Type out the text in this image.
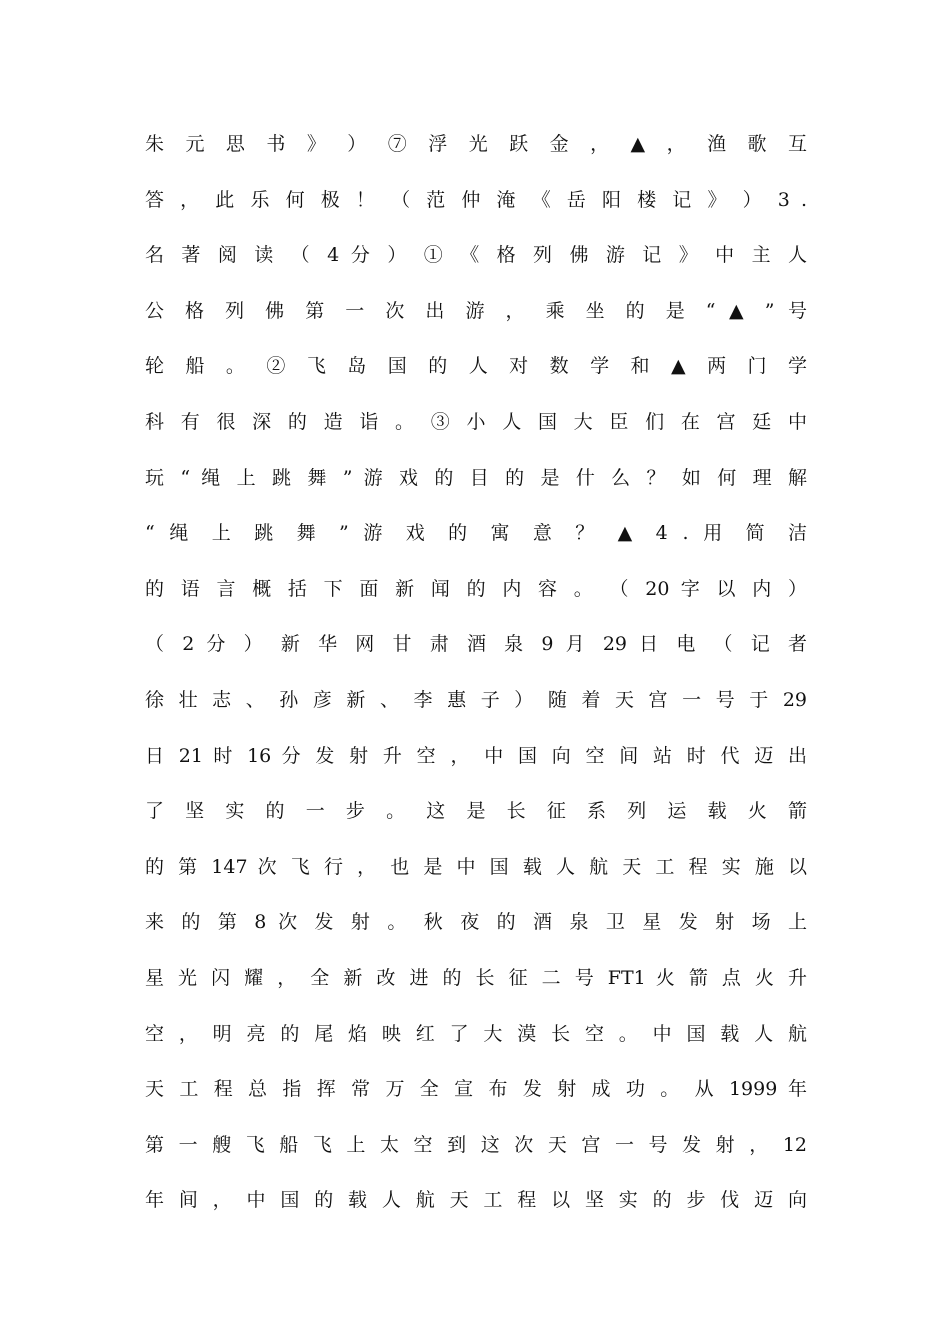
朱 元 思 书 》 ） ⑦ 浮 光 跃 金 ， ▲ ， 渔 歌 互
答 ， 此 乐 何 极 ！ （ 范 仲 淹 《 岳 阳 楼 记 》 ） 3 .
名 著 阅 读 （ 4 分 ） ① 《 格 列 佛 游 记 》 中 主 人
公 格 列 佛 第 一 次 出 游 ， 乘 坐 的 是 “ ▲ ” 号
轮 船 。 ② 飞 岛 国 的 人 对 数 学 和 ▲ 两 门 学
科 有 很 深 的 造 诣 。 ③ 小 人 国 大 臣 们 在 宫 廷 中
玩 “ 绳 上 跳 舞 ” 游 戏 的 目 的 是 什 么 ？ 如 何 理 解
“ 绳 上 跳 舞 ” 游 戏 的 寓 意 ？ ▲ 4 . 用 简 洁
的 语 言 概 括 下 面 新 闻 的 内 容 。 （ 20 字 以 内 ）
（ 2 分 ） 新 华 网 甘 肃 酒 泉 9 月 29 日 电 （ 记 者
徐 壮 志 、 孙 彦 新 、 李 惠 子 ） 随 着 天 宫 一 号 于 29
日 21 时 16 分 发 射 升 空 ， 中 国 向 空 间 站 时 代 迈 出
了 坚 实 的 一 步 。 这 是 长 征 系 列 运 载 火 箭
的 第 147 次 飞 行 ， 也 是 中 国 载 人 航 天 工 程 实 施 以
来 的 第 8 次 发 射 。 秋 夜 的 酒 泉 卫 星 发 射 场 上
星 光 闪 耀 ， 全 新 改 进 的 长 征 二 号 FT1 火 箭 点 火 升
空 ， 明 亮 的 尾 焰 映 红 了 大 漠 长 空 。 中 国 载 人 航
天 工 程 总 指 挥 常 万 全 宣 布 发 射 成 功 。 从 1999 年
第 一 艘 飞 船 飞 上 太 空 到 这 次 天 宫 一 号 发 射 ， 12
年 间 ， 中 国 的 载 人 航 天 工 程 以 坚 实 的 步 伐 迈 向
